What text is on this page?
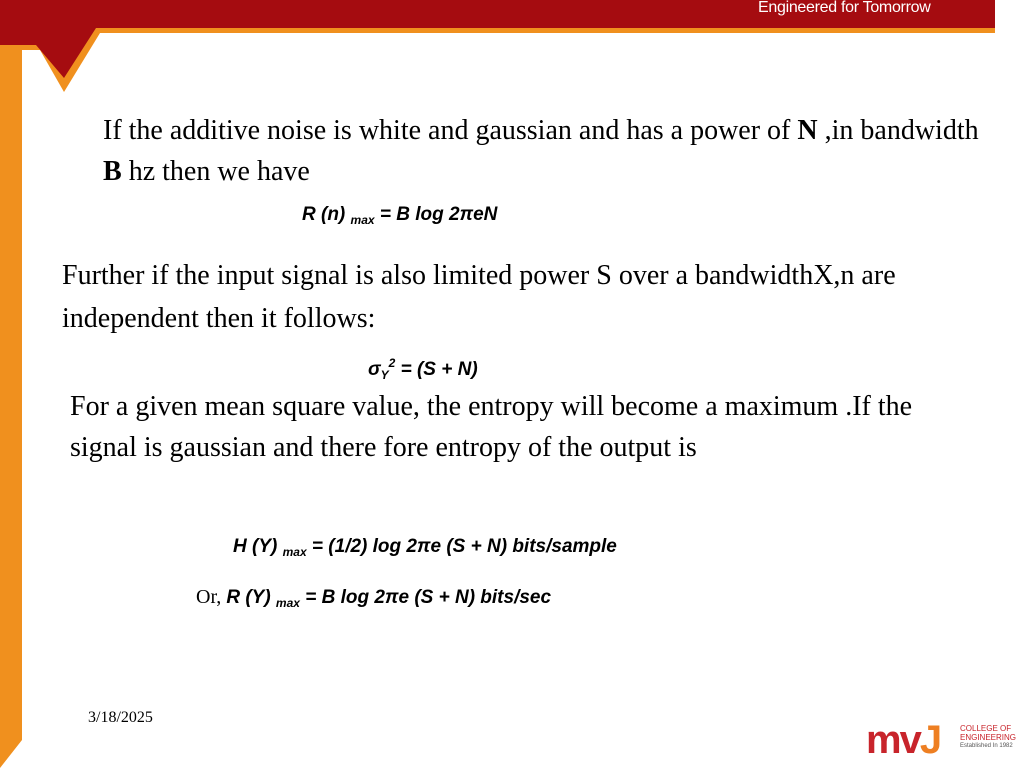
Engineered for Tomorrow
If the additive noise is white and gaussian and has a power of N ,in bandwidth B hz then we have
R (n) $_{max}$ = B log 2πeN
Further if the input signal is also limited power S over a bandwidthX,n are independent then it follows:
$\sigma_Y^2 = (S + N)$
For a given mean square value, the entropy will become a maximum .If the signal is gaussian and there fore entropy of the output is
H (Y) $_{max}$ = (1/2) log 2πe (S + N) bits/sample
Or, R (Y) $_{max}$ = B log 2πe (S + N) bits/sec
3/18/2025
mvJ COLLEGE OF
ENGINEERING
Established In 1982
